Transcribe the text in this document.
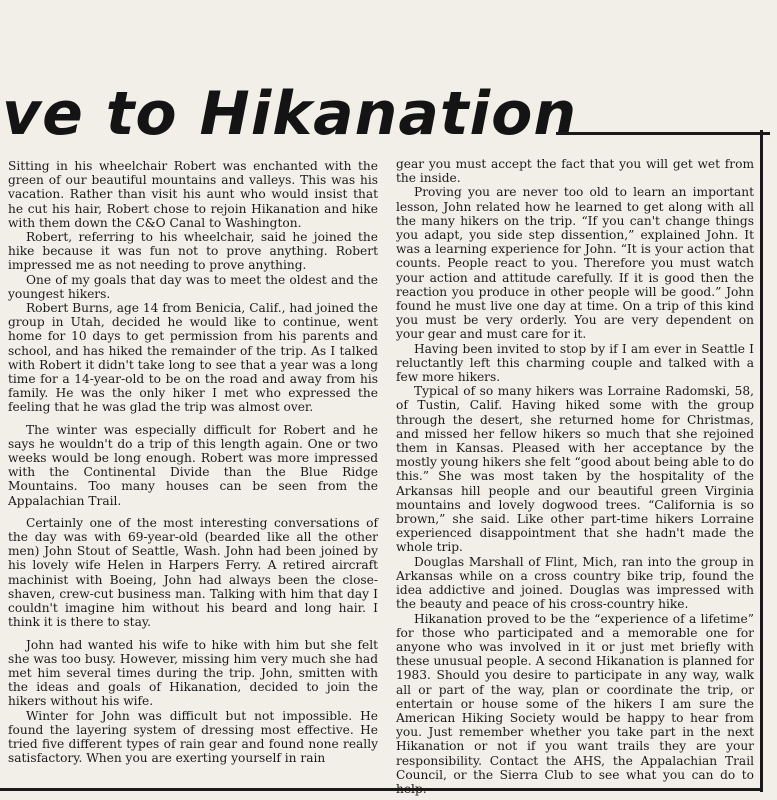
ve to Hikanation

Sitting in his wheelchair Robert was enchanted with the green of our beautiful mountains and valleys. This was his vacation. Rather than visit his aunt who would insist that he cut his hair, Robert chose to rejoin Hikanation and hike with them down the C&O Canal to Washington.

Robert, referring to his wheelchair, said he joined the hike because it was fun not to prove anything. Robert impressed me as not needing to prove anything.

One of my goals that day was to meet the oldest and the youngest hikers.

Robert Burns, age 14 from Benicia, Calif., had joined the group in Utah, decided he would like to continue, went home for 10 days to get permission from his parents and school, and has hiked the remainder of the trip. As I talked with Robert it didn't take long to see that a year was a long time for a 14-year-old to be on the road and away from his family. He was the only hiker I met who expressed the feeling that he was glad the trip was almost over.

The winter was especially difficult for Robert and he says he wouldn't do a trip of this length again. One or two weeks would be long enough. Robert was more impressed with the Continental Divide than the Blue Ridge Mountains. Too many houses can be seen from the Appalachian Trail.

Certainly one of the most interesting conversations of the day was with 69-year-old (bearded like all the other men) John Stout of Seattle, Wash. John had been joined by his lovely wife Helen in Harpers Ferry. A retired aircraft machinist with Boeing, John had always been the close-shaven, crew-cut business man. Talking with him that day I couldn't imagine him without his beard and long hair. I think it is there to stay.

John had wanted his wife to hike with him but she felt she was too busy. However, missing him very much she had met him several times during the trip. John, smitten with the ideas and goals of Hikanation, decided to join the hikers without his wife.

Winter for John was difficult but not impossible. He found the layering system of dressing most effective. He tried five different types of rain gear and found none really satisfactory. When you are exerting yourself in rain

gear you must accept the fact that you will get wet from the inside.

Proving you are never too old to learn an important lesson, John related how he learned to get along with all the many hikers on the trip. “If you can't change things you adapt, you side step dissention,” explained John. It was a learning experience for John. “It is your action that counts. People react to you. Therefore you must watch your action and attitude carefully. If it is good then the reaction you produce in other people will be good.” John found he must live one day at time. On a trip of this kind you must be very orderly. You are very dependent on your gear and must care for it.

Having been invited to stop by if I am ever in Seattle I reluctantly left this charming couple and talked with a few more hikers.

Typical of so many hikers was Lorraine Radomski, 58, of Tustin, Calif. Having hiked some with the group through the desert, she returned home for Christmas, and missed her fellow hikers so much that she rejoined them in Kansas. Pleased with her acceptance by the mostly young hikers she felt “good about being able to do this.” She was most taken by the hospitality of the Arkansas hill people and our beautiful green Virginia mountains and lovely dogwood trees. “California is so brown,” she said. Like other part-time hikers Lorraine experienced disappointment that she hadn't made the whole trip.

Douglas Marshall of Flint, Mich, ran into the group in Arkansas while on a cross country bike trip, found the idea addictive and joined. Douglas was impressed with the beauty and peace of his cross-country hike.

Hikanation proved to be the “experience of a lifetime” for those who participated and a memorable one for anyone who was involved in it or just met briefly with these unusual people. A second Hikanation is planned for 1983. Should you desire to participate in any way, walk all or part of the way, plan or coordinate the trip, or entertain or house some of the hikers I am sure the American Hiking Society would be happy to hear from you. Just remember whether you take part in the next Hikanation or not if you want trails they are your responsibility. Contact the AHS, the Appalachian Trail Council, or the Sierra Club to see what you can do to help.
